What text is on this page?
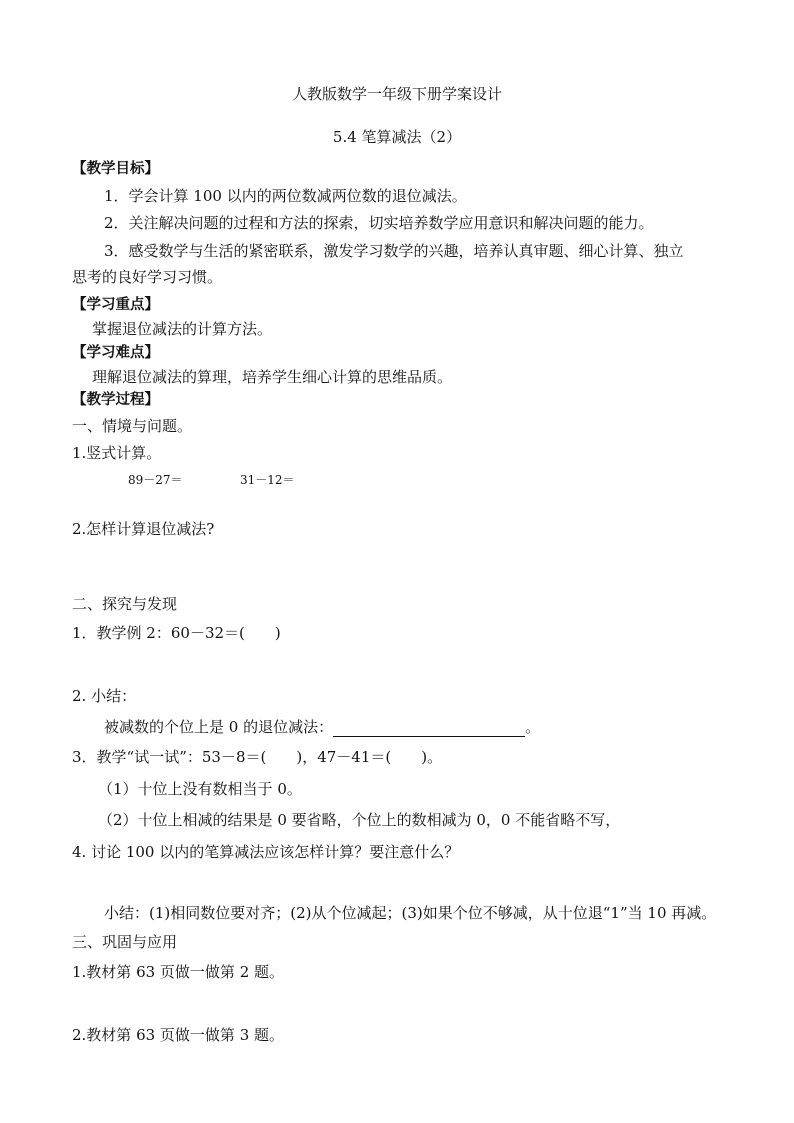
人教版数学一年级下册学案设计
5.4 笔算减法（2）
【教学目标】
1．学会计算 100 以内的两位数减两位数的退位减法。
2．关注解决问题的过程和方法的探索，切实培养数学应用意识和解决问题的能力。
3．感受数学与生活的紧密联系，激发学习数学的兴趣，培养认真审题、细心计算、独立
思考的良好学习习惯。
【学习重点】
掌握退位减法的计算方法。
【学习难点】
理解退位减法的算理，培养学生细心计算的思维品质。
【教学过程】
一、情境与问题。
1.竖式计算。
89－27＝	31－12＝
2.怎样计算退位减法?
二、探究与发现
1．教学例 2：60－32＝(　　)
2. 小结：
被减数的个位上是 0 的退位减法：	。
3．教学“试一试”：53－8＝(　　)，47－41＝(　　)。
（1）十位上没有数相当于 0。
（2）十位上相减的结果是 0 要省略，个位上的数相减为 0，0 不能省略不写，
4. 讨论 100 以内的笔算减法应该怎样计算？要注意什么？
小结：(1)相同数位要对齐；(2)从个位减起；(3)如果个位不够减，从十位退“1”当 10 再减。
三、巩固与应用
1.教材第 63 页做一做第 2 题。
2.教材第 63 页做一做第 3 题。
